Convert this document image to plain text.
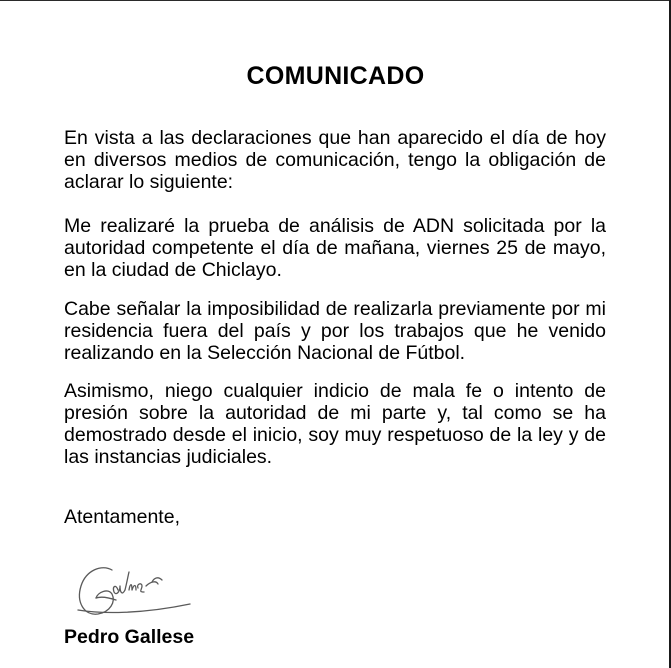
COMUNICADO
En vista a las declaraciones que han aparecido el día de hoy en diversos medios de comunicación, tengo la obligación de aclarar lo siguiente:
Me realizaré la prueba de análisis de ADN solicitada por la autoridad competente el día de mañana, viernes 25 de mayo, en la ciudad de Chiclayo.
Cabe señalar la imposibilidad de realizarla previamente por mi residencia fuera del país y por los trabajos que he venido realizando en la Selección Nacional de Fútbol.
Asimismo, niego cualquier indicio de mala fe o intento de presión sobre la autoridad de mi parte y, tal como se ha demostrado desde el inicio, soy muy respetuoso de la ley y de las instancias judiciales.
Atentamente,
Pedro Gallese
